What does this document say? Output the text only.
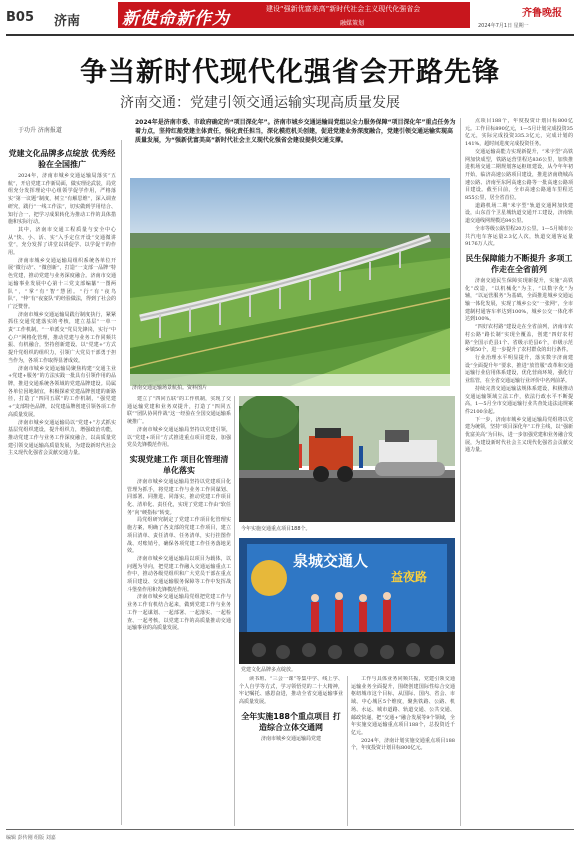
B05 济南 新使命新作为	建设“强新优富美高”新时代社会主义现代化强省会
融媒策划
齐鲁晚报
2024年7月1日 星期一
争当新时代现代化强省会开路先锋
济南交通：党建引领交通运输实现高质量发展
于功升 济南报道
2024年是济南市委、市政府确定的“项目深化年”。济南市城乡交通运输局党组以全力服务保障“项目深化年”重点任务为着力点，坚持红船党建主体责任，强化责任担当，深化模范机关创建，促进党建业务深度融合，党建引领交通运输实现高质量发展，为“强新优富美高”新时代社会主义现代化强省会建设提供交通支撑。
党建文化品牌多点绽放 优秀经验在全国推广

2024年，济南市城乡交通运输局落实“五航”，开启党建工作新局面，做实理论武装，局党组充分发挥理论中心组领学促学作用，严格落实“第一议题”制度，树立“有解思维”，深入调查研究，践行“一线工作法”，切实做到学用结合、知行合一，把学习成果转化为推动工作的具体措施和实际行动。

其中，济南市交通工程质量与安全中心从“快、小、活、实”入手定位开设“交通微讲堂”，充分发挥了讲堂以讲促学、以学促干的作用。

济南市城乡交通运输局组织系统各单位开展“微行动”、“微创新”，打造“一支部一品牌”特色党建，推动党建与业务深度融合。济南市交通运输事业发展中心第十三党支部编纂“一图两队”，“掌”有“智”慧团。“行”有“夜鸟队”，“仲”有“夜宴队”的经验做法，得到了社会的广泛赞誉。

济南市城乡交通运输局践行制度执行，紧紧抓住交通党建落实的考核，建立基层“一单一责”工作机制，“一单派交”党员先锋岗，实行“中心户”网格化管理，推动党建与业务工作同频共振、有机融合，坚持创新建设。以“党建+”方式提升党组织的组织力，引领广大党员干部勇于担当作为，各项工作取得显著成效。

济南市城乡交通运输局聚焦构建“交通主业+党建+服务”的方法实践一批具有引领作用的品牌，推进交通系统各领域的党建品牌建设。局属各单位因地制宜，积极探索党建品牌创建的新路径，打造了“四同五联”的工作机制，“强党建+”支部特色品牌，以党建品牌创建引领各项工作高质量发展。

济南市城乡交通运输局以“党建+”方式抓实基层党组织建设，提升组织力，增强政治功能，推动党建工作与业务工作深度融合，以高质量党建引领交通运输高质量发展，为建设新时代社会主义现代化强省会贡献交通力量。

济南交通运输场景航拍。资料图片

建立了“四同五联”的工作机制，实现了交通运输党建和业务双提升，打造了“四同五联”“团队协同作战”这一经验在全国交通运输系统推广。

济南市城乡交通运输局坚持以党建引领，以“党建+项目”方式推进重点项目建设，加强党员先锋模范作用。

实现党建工作 项目化管理清单化落实

济南市城乡交通运输局坚持以党建项目化管理为抓手，将党建工作与业务工作同谋划、同部署、同推进、同落实，推动党建工作项目化、清单化、责任化，实现了党建工作由“软任务”向“硬指标”转变。

局党组研究制定了党建工作项目化管理实施方案，明确了各支部的党建工作项目，建立项目清单、责任清单、任务清单，实行挂图作战、对账销号，确保各项党建工作任务落地见效。

济南市城乡交通运输局以项目为载体，以问题为导向，把党建工作融入交通运输重点工作中，推动各级党组织和广大党员干部在重点项目建设、交通运输服务保障等工作中发挥战斗堡垒作用和先锋模范作用。

济南市城乡交通运输局党组把党建工作与业务工作有机结合起来，做到党建工作与业务工作一起谋划、一起部署、一起落实、一起检查、一起考核，以党建工作的高质量推动交通运输事业的高质量发展。

今年实施交通重点项目188个。
泉城交通人
益夜路
党建文化品牌多点绽放。

读书班、“三会一课”等集中学、线上学、个人自学等方式，学习领悟党的二十大精神，牢记嘱托、感恩奋进，推动全省交通运输事业高质量发展。

全年实施188个重点项目 打造综合立体交通网

济南市城乡交通运输局党建

工作与具体业务同频共振，党建引领交通运输业务全面提升，围绕创建国际性综合交通枢纽城市这个目标，从国际、国内、省会、市域、中心城区5个维度，聚焦铁路、公路、机场、水运、城市道路、轨道交通、公共交通、邮政快递，把“交通+”融合发展等9个领域，全年实施交通运输重点项目188个，总投资近千亿元。

2024年，济南计划实施交通重点项目188个，年度投资计划目标800亿元。

点项目188个，年度投资计划目标800亿元。工作目标890亿元，1—5月计划完成投资35亿元，实际完成投资335.3亿元，完成计划的141%，超时间进度完成投资任务。

交通运输高能力实现新提升，“米字型”高铁网加快成型，铁路运营里程达836公里，加快推进机场交通二期规划客运枢纽建设，从今年年初开始，临济高速公路项目建设，推进济南绕城高速公路、济南至东阿高速公路等一批高速公路项目建设。截至目前，全市高速公路通车里程达855公里，居全省首位。

道路机场二期“米字型”轨道交通网加快建设，山东首个卫星城轨道交通开工建设，济南轨道交通线网规模达84公里。

全市等级公路里程20万公里。1—5月城市公共汽电车客运量2.3亿人次，轨道交通客运量9176万人次。

民生保障能力不断提升 多项工作走在全省前列

济南交通民生保障实现新提升，实施“高铁化”改造，“以机械化”为主，“以数字化”为辅，“以运营服务”为基础，全面推进城乡交通运输一体化发展，实现了城乡公交“一张网”，全市建制村通客车率达到100%，城乡公交一体化率达到100%。

“四好农村路”建设走在全省前列，济南市农村公路“路长制”实现全覆盖，创建“四好农村路”全国示范县1个、省级示范县6个，市级示范乡镇50个，进一步提升了农村群众的出行条件。

行业治理水平明显提升，落实数字济南建设“全面提升年”要求，推进“放管服”改革和交通运输行业信用体系建设，优化营商环境，强化行业监管，在全省交通运输行业评价中名列前茅。

持续完善交通运输法规体系建设，积极推动交通运输领域立法工作，依法行政水平不断提高，1—5月全市交通运输行业共查处违法违规案件2100余起。

下一步，济南市城乡交通运输局党组将以党建为统领，坚持“项目深化年”工作主线，以“强新优富美高”为目标，进一步加强党建和业务融合发展，为建设新时代社会主义现代化强省会贡献交通力量。

编辑 彭传刚 组版 刘嘉
